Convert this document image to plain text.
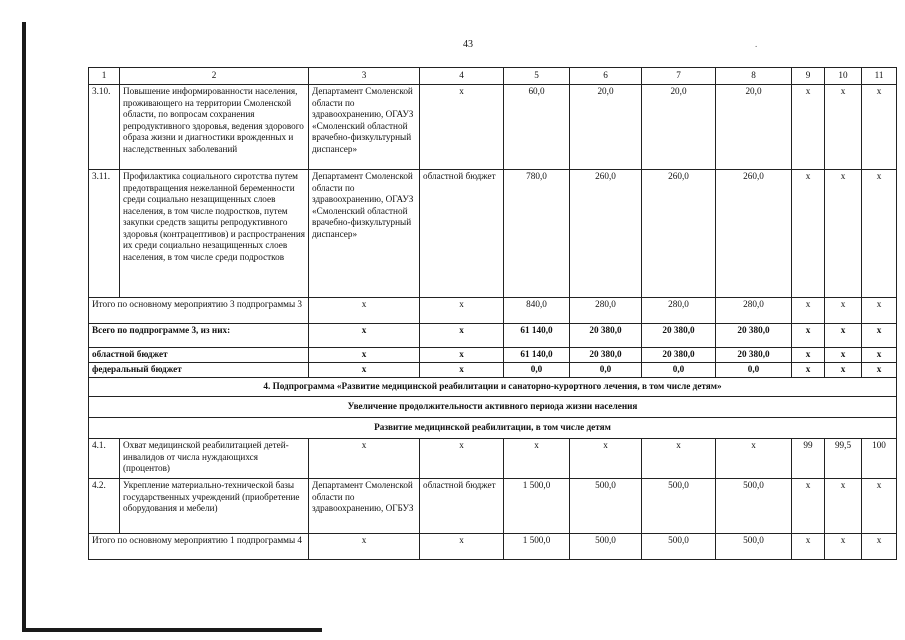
43	.
1	2	3	4	5	6	7	8	9	10	11
3.10.	Повышение информированности населения, проживающего на территории Смоленской области, по вопросам сохранения репродуктивного здоровья, ведения здорового образа жизни и диагностики врожденных и наследственных заболеваний	Департамент Смоленской области по здравоохранению, ОГАУЗ «Смоленский областной врачебно-физкультурный диспансер»	х	60,0	20,0	20,0	20,0	х	х	х
3.11.	Профилактика социального сиротства путем предотвращения нежеланной беременности среди социально незащищенных слоев населения, в том числе подростков, путем закупки средств защиты репродуктивного здоровья (контрацептивов) и распространения их среди социально незащищенных слоев населения, в том числе среди подростков	Департамент Смоленской области по здравоохранению, ОГАУЗ «Смоленский областной врачебно-физкультурный диспансер»	областной бюджет	780,0	260,0	260,0	260,0	х	х	х
Итого по основному мероприятию 3 подпрограммы 3		х	х	840,0	280,0	280,0	280,0	х	х	х
Всего по подпрограмме 3, из них:		х	х	61 140,0	20 380,0	20 380,0	20 380,0	х	х	х
областной бюджет		х	х	61 140,0	20 380,0	20 380,0	20 380,0	х	х	х
федеральный бюджет		х	х	0,0	0,0	0,0	0,0	х	х	х
4. Подпрограмма «Развитие медицинской реабилитации и санаторно-курортного лечения, в том числе детям»										
Увеличение продолжительности активного периода жизни населения										
Развитие медицинской реабилитации, в том числе детям										
4.1.	Охват медицинской реабилитацией детей-инвалидов от числа нуждающихся (процентов)	х	х	х	х	х	х	99	99,5	100
4.2.	Укрепление материально-технической базы государственных учреждений (приобретение оборудования и мебели)	Департамент Смоленской области по здравоохранению, ОГБУЗ	областной бюджет	1 500,0	500,0	500,0	500,0	х	х	х
Итого по основному мероприятию 1 подпрограммы 4		х	х	1 500,0	500,0	500,0	500,0	х	х	х
